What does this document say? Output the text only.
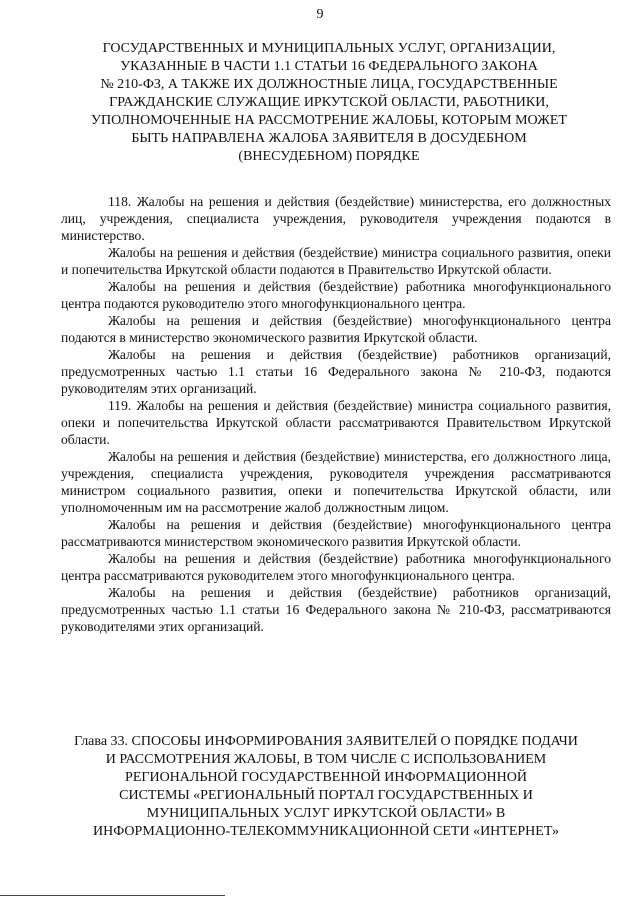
9
ГОСУДАРСТВЕННЫХ И МУНИЦИПАЛЬНЫХ УСЛУГ, ОРГАНИЗАЦИИ,
УКАЗАННЫЕ В ЧАСТИ 1.1 СТАТЬИ 16 ФЕДЕРАЛЬНОГО ЗАКОНА
№ 210-ФЗ, А ТАКЖЕ ИХ ДОЛЖНОСТНЫЕ ЛИЦА, ГОСУДАРСТВЕННЫЕ
ГРАЖДАНСКИЕ СЛУЖАЩИЕ ИРКУТСКОЙ ОБЛАСТИ, РАБОТНИКИ,
УПОЛНОМОЧЕННЫЕ НА РАССМОТРЕНИЕ ЖАЛОБЫ, КОТОРЫМ МОЖЕТ
БЫТЬ НАПРАВЛЕНА ЖАЛОБА ЗАЯВИТЕЛЯ В ДОСУДЕБНОМ
(ВНЕСУДЕБНОМ) ПОРЯДКЕ

118. Жалобы на решения и действия (бездействие) министерства, его должностных лиц, учреждения, специалиста учреждения, руководителя учреждения подаются в министерство.

Жалобы на решения и действия (бездействие) министра социального развития, опеки и попечительства Иркутской области подаются в Правительство Иркутской области.

Жалобы на решения и действия (бездействие) работника многофункционального центра подаются руководителю этого многофункционального центра.

Жалобы на решения и действия (бездействие) многофункционального центра подаются в министерство экономического развития Иркутской области.

Жалобы на решения и действия (бездействие) работников организаций, предусмотренных частью 1.1 статьи 16 Федерального закона № 210-ФЗ, подаются руководителям этих организаций.

119. Жалобы на решения и действия (бездействие) министра социального развития, опеки и попечительства Иркутской области рассматриваются Правительством Иркутской области.

Жалобы на решения и действия (бездействие) министерства, его должностного лица, учреждения, специалиста учреждения, руководителя учреждения рассматриваются министром социального развития, опеки и попечительства Иркутской области, или уполномоченным им на рассмотрение жалоб должностным лицом.

Жалобы на решения и действия (бездействие) многофункционального центра рассматриваются министерством экономического развития Иркутской области.

Жалобы на решения и действия (бездействие) работника многофункционального центра рассматриваются руководителем этого многофункционального центра.

Жалобы на решения и действия (бездействие) работников организаций, предусмотренных частью 1.1 статьи 16 Федерального закона № 210-ФЗ, рассматриваются руководителями этих организаций.

Глава 33. СПОСОБЫ ИНФОРМИРОВАНИЯ ЗАЯВИТЕЛЕЙ О ПОРЯДКЕ ПОДАЧИ
И РАССМОТРЕНИЯ ЖАЛОБЫ, В ТОМ ЧИСЛЕ С ИСПОЛЬЗОВАНИЕМ
РЕГИОНАЛЬНОЙ ГОСУДАРСТВЕННОЙ ИНФОРМАЦИОННОЙ
СИСТЕМЫ «РЕГИОНАЛЬНЫЙ ПОРТАЛ ГОСУДАРСТВЕННЫХ И
МУНИЦИПАЛЬНЫХ УСЛУГ ИРКУТСКОЙ ОБЛАСТИ» В
ИНФОРМАЦИОННО-ТЕЛЕКОММУНИКАЦИОННОЙ СЕТИ «ИНТЕРНЕТ»
